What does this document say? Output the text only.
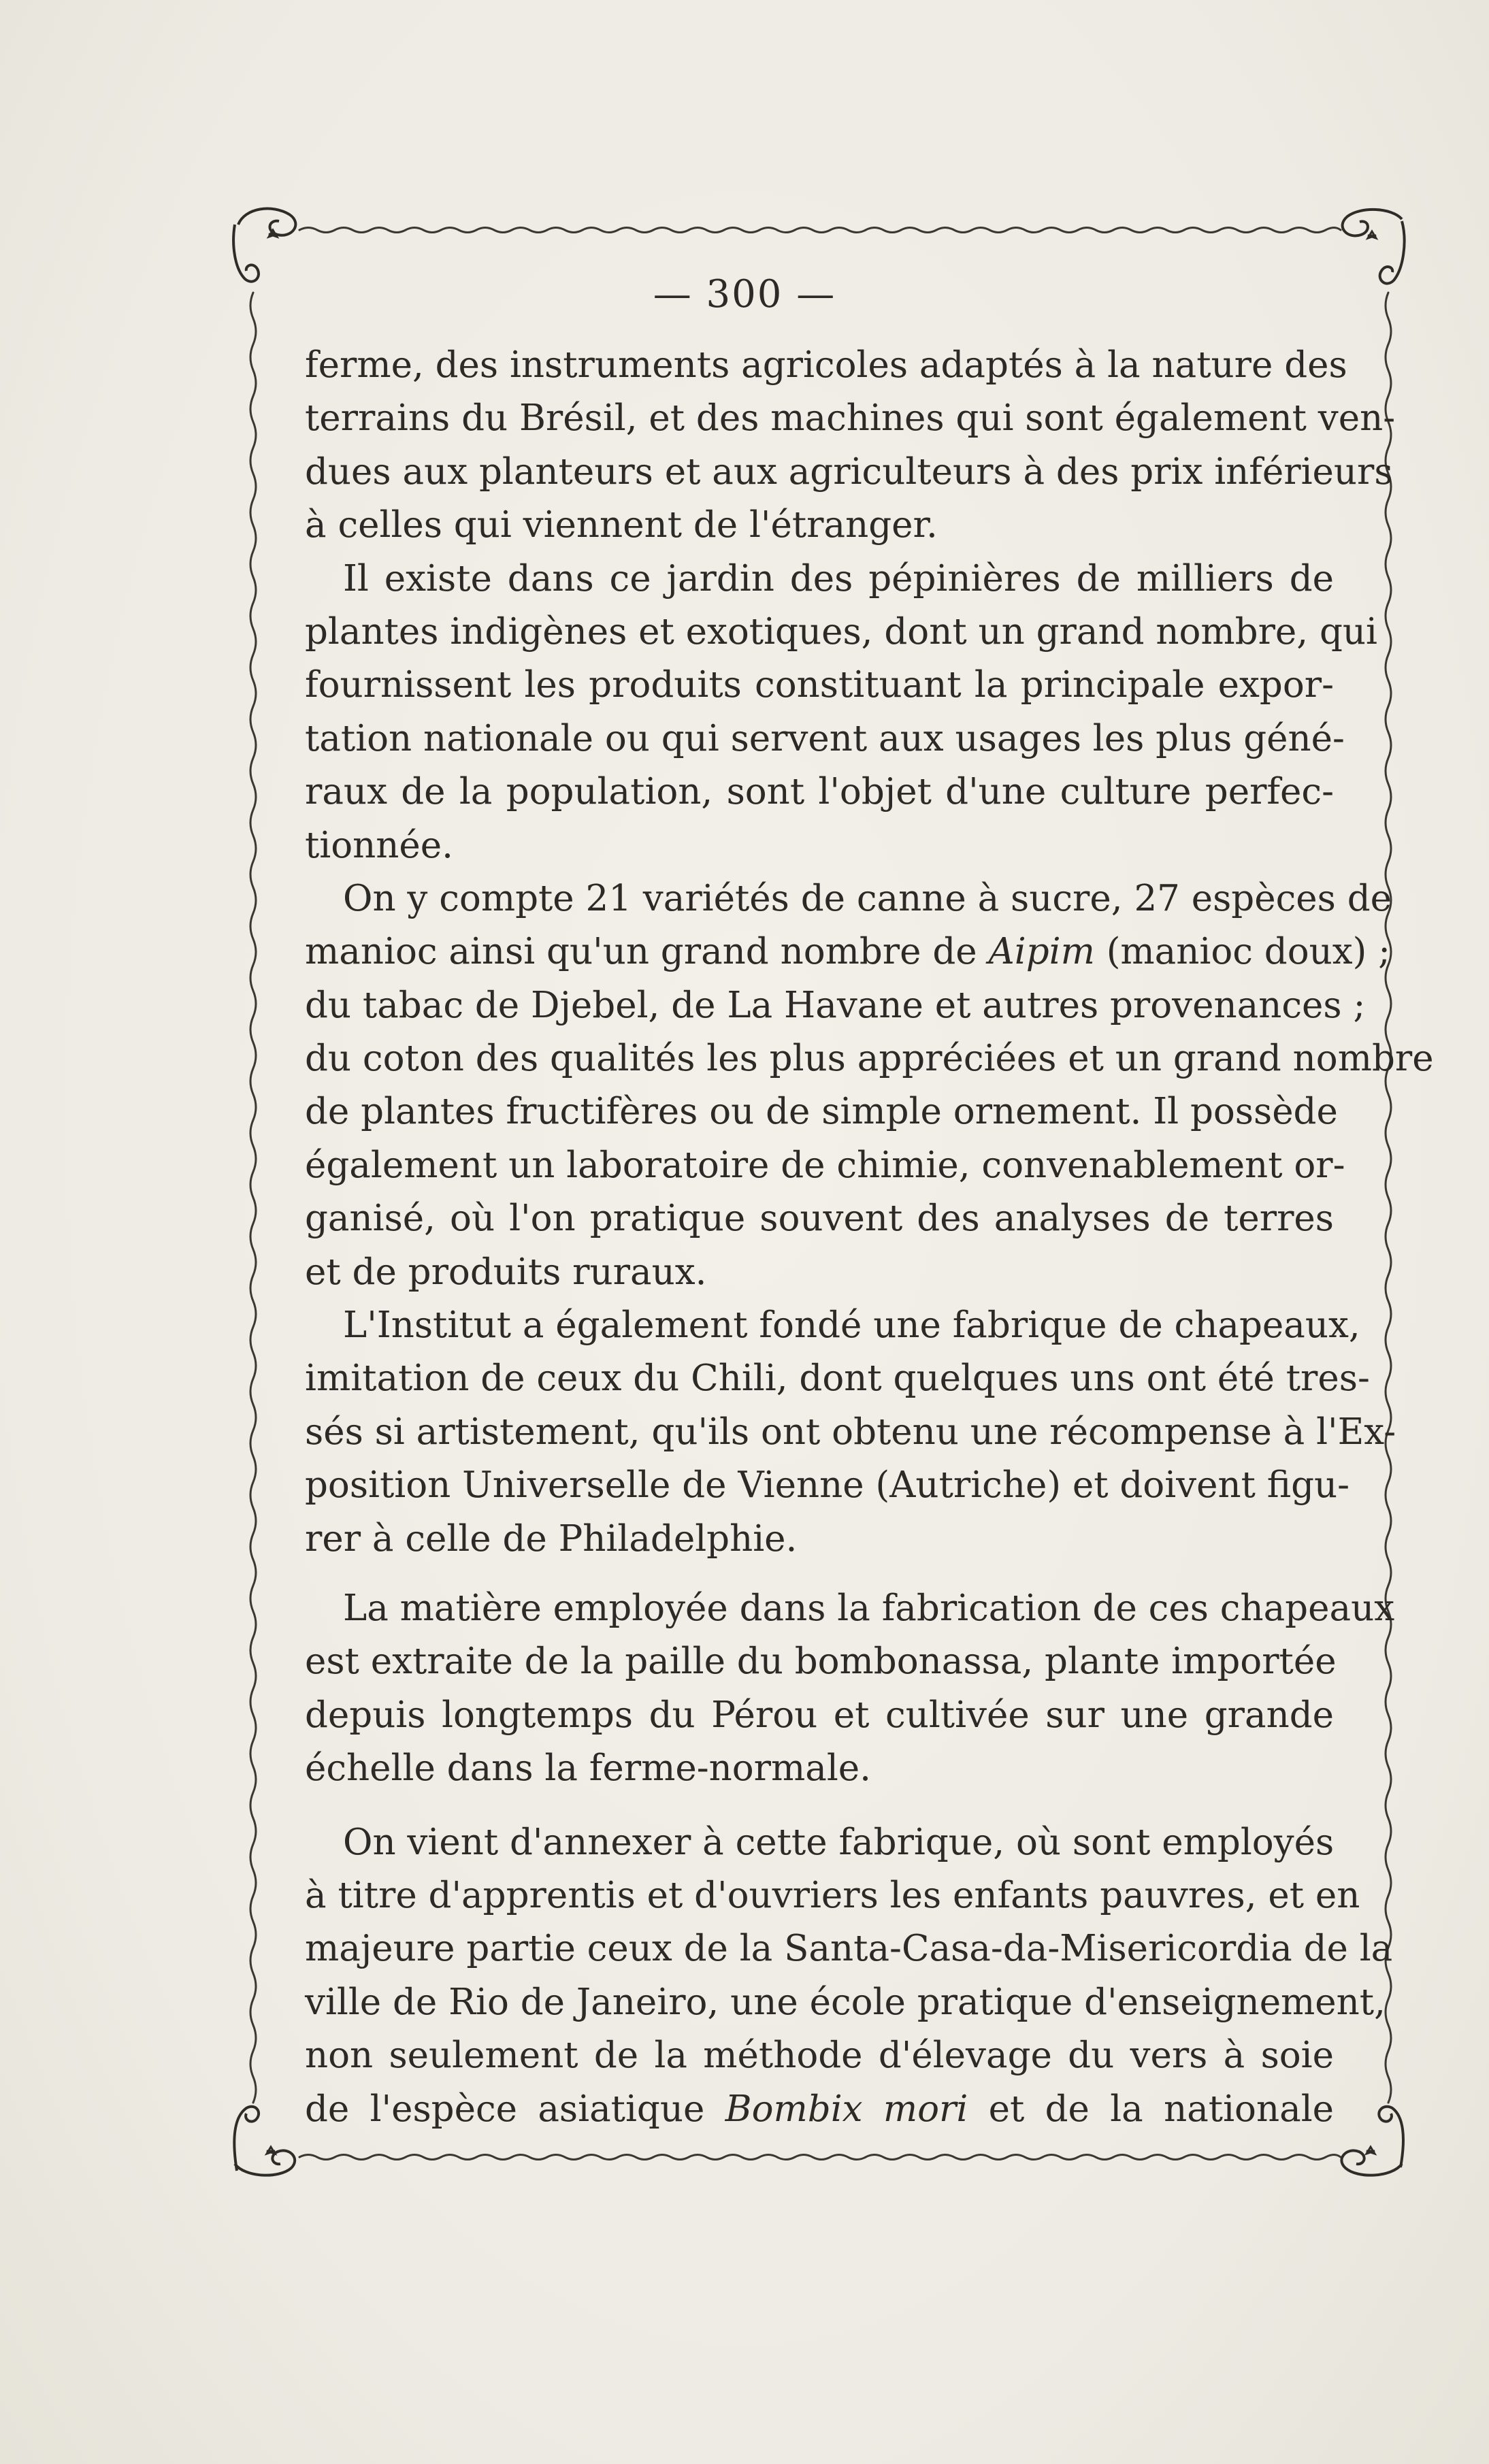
— 300 —
ferme, des instruments agricoles adaptés à la nature des
terrains du Brésil, et des machines qui sont également ven-
dues aux planteurs et aux agriculteurs à des prix inférieurs
à celles qui viennent de l'étranger.
Il existe dans ce jardin des pépinières de milliers de
plantes indigènes et exotiques, dont un grand nombre, qui
fournissent les produits constituant la principale expor-
tation nationale ou qui servent aux usages les plus géné-
raux de la population, sont l'objet d'une culture perfec-
tionnée.
On y compte 21 variétés de canne à sucre, 27 espèces de
manioc ainsi qu'un grand nombre de Aipim (manioc doux) ;
du tabac de Djebel, de La Havane et autres provenances ;
du coton des qualités les plus appréciées et un grand nombre
de plantes fructifères ou de simple ornement. Il possède
également un laboratoire de chimie, convenablement or-
ganisé, où l'on pratique souvent des analyses de terres
et de produits ruraux.
L'Institut a également fondé une fabrique de chapeaux,
imitation de ceux du Chili, dont quelques uns ont été tres-
sés si artistement, qu'ils ont obtenu une récompense à l'Ex-
position Universelle de Vienne (Autriche) et doivent figu-
rer à celle de Philadelphie.
La matière employée dans la fabrication de ces chapeaux
est extraite de la paille du bombonassa, plante importée
depuis longtemps du Pérou et cultivée sur une grande
échelle dans la ferme-normale.
On vient d'annexer à cette fabrique, où sont employés
à titre d'apprentis et d'ouvriers les enfants pauvres, et en
majeure partie ceux de la Santa-Casa-da-Misericordia de la
ville de Rio de Janeiro, une école pratique d'enseignement,
non seulement de la méthode d'élevage du vers à soie
de l'espèce asiatique Bombix mori et de la nationale
